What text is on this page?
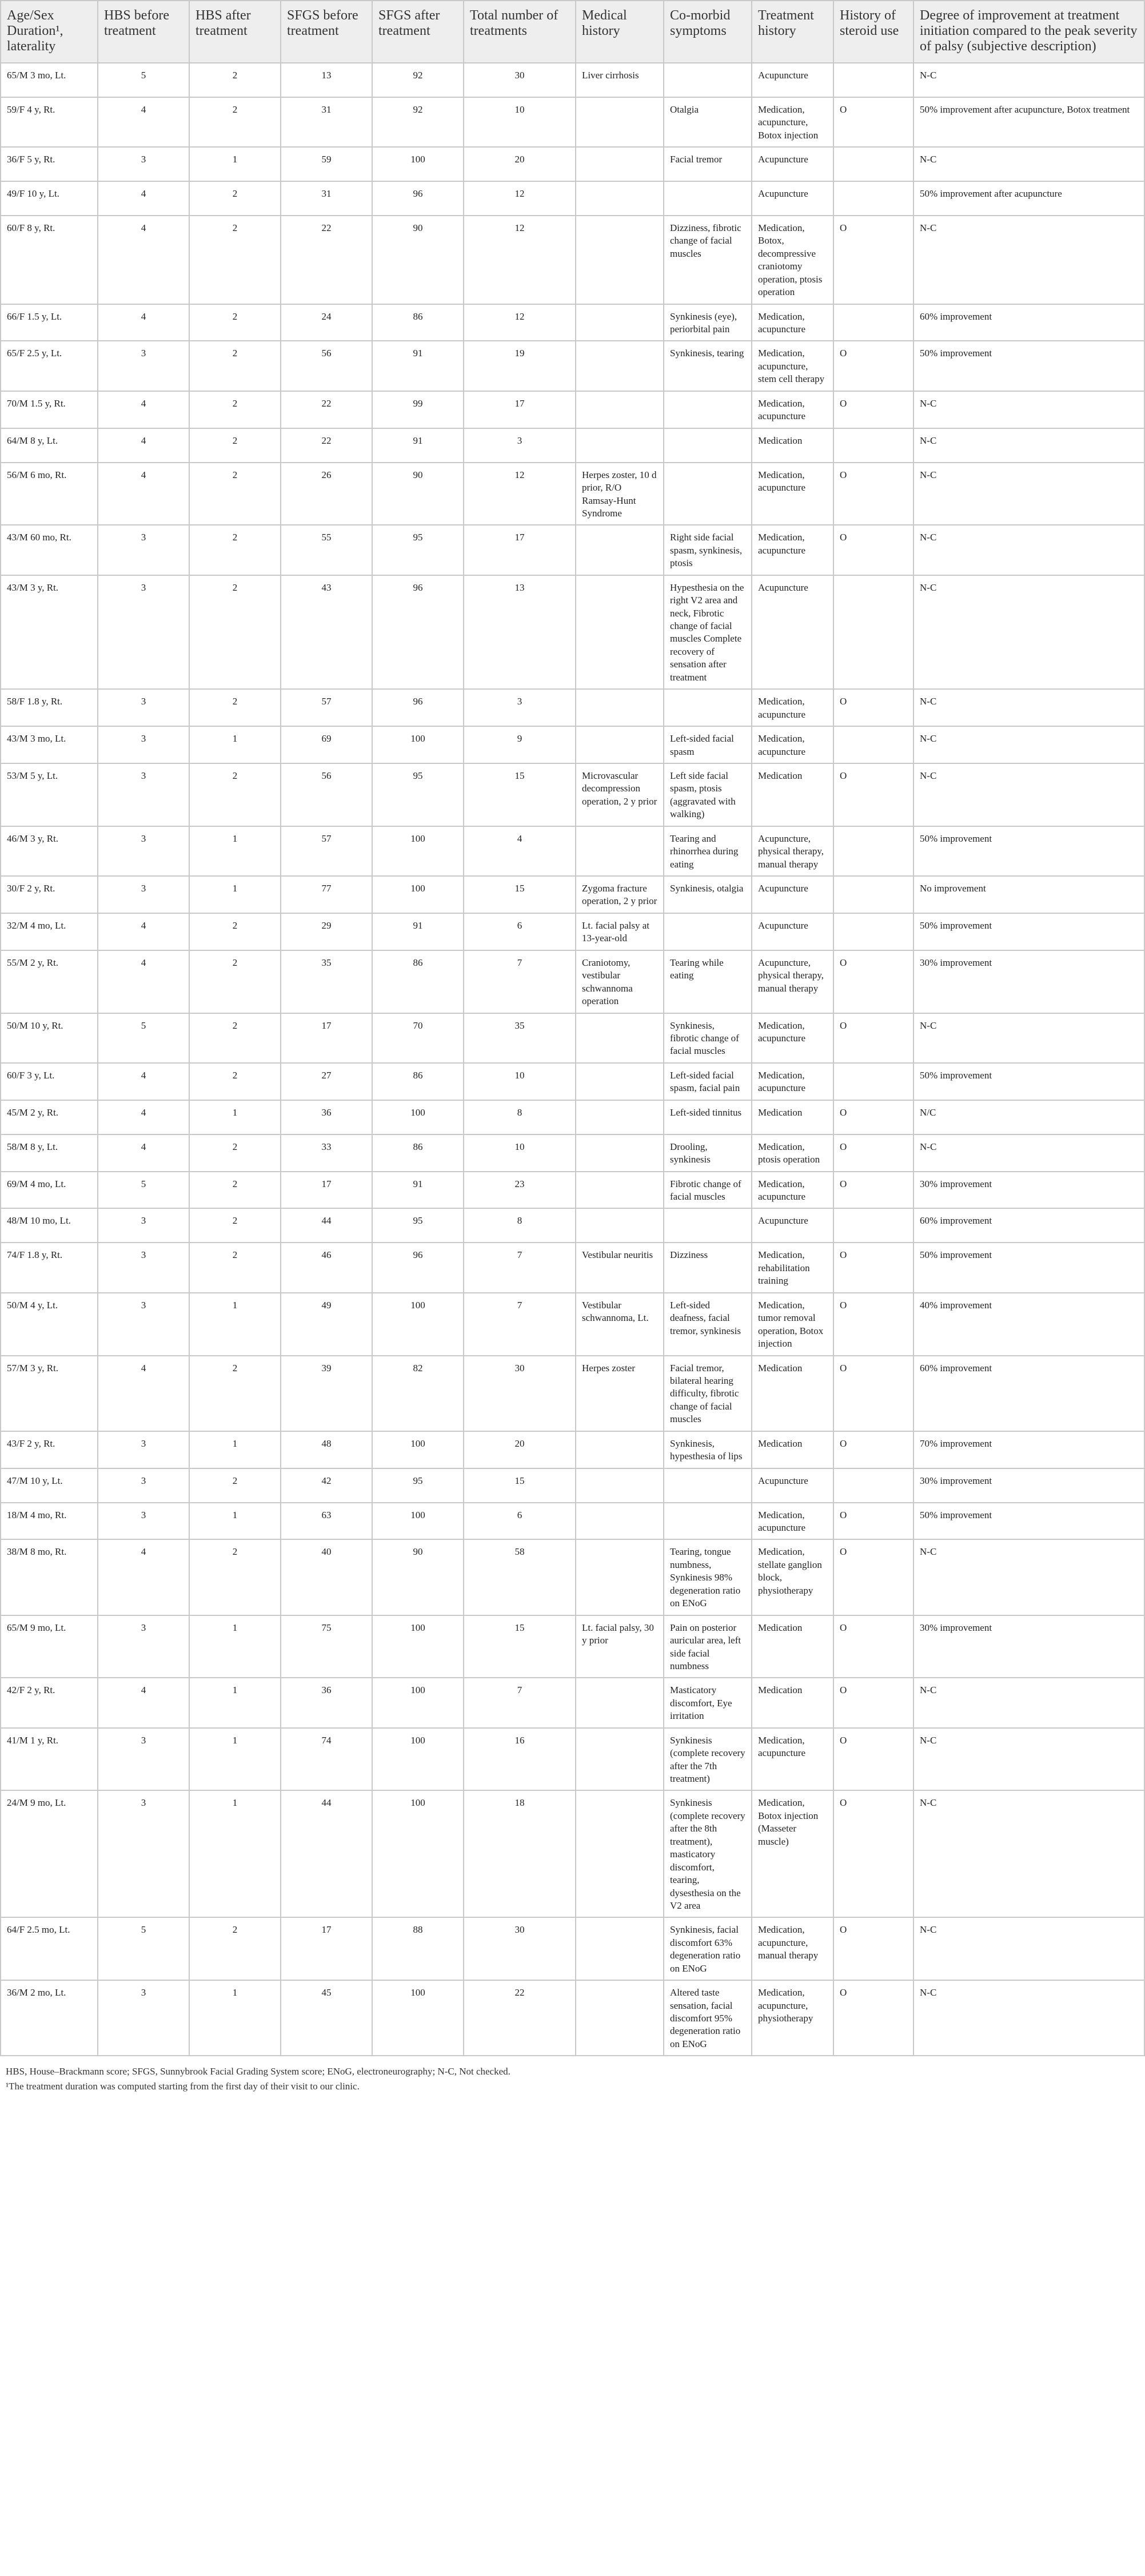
Age/Sex Duration¹, laterality	HBS before treatment	HBS after treatment	SFGS before treatment	SFGS after treatment	Total number of treatments	Medical history	Co-morbid symptoms	Treatment history	History of steroid use	Degree of improvement at treatment initiation compared to the peak severity of palsy (subjective description)
65/M 3 mo, Lt.	5	2	13	92	30	Liver cirrhosis		Acupuncture		N-C
59/F 4 y, Rt.	4	2	31	92	10		Otalgia	Medication, acupuncture, Botox injection	O	50% improvement after acupuncture, Botox treatment
36/F 5 y, Rt.	3	1	59	100	20		Facial tremor	Acupuncture		N-C
49/F 10 y, Lt.	4	2	31	96	12			Acupuncture		50% improvement after acupuncture
60/F 8 y, Rt.	4	2	22	90	12		Dizziness, fibrotic change of facial muscles	Medication, Botox, decompressive craniotomy operation, ptosis operation	O	N-C
66/F 1.5 y, Lt.	4	2	24	86	12		Synkinesis (eye), periorbital pain	Medication, acupuncture		60% improvement
65/F 2.5 y, Lt.	3	2	56	91	19		Synkinesis, tearing	Medication, acupuncture, stem cell therapy	O	50% improvement
70/M 1.5 y, Rt.	4	2	22	99	17			Medication, acupuncture	O	N-C
64/M 8 y, Lt.	4	2	22	91	3			Medication		N-C
56/M 6 mo, Rt.	4	2	26	90	12	Herpes zoster, 10 d prior, R/O Ramsay-Hunt Syndrome		Medication, acupuncture	O	N-C
43/M 60 mo, Rt.	3	2	55	95	17		Right side facial spasm, synkinesis, ptosis	Medication, acupuncture	O	N-C
43/M 3 y, Rt.	3	2	43	96	13		Hypesthesia on the right V2 area and neck, Fibrotic change of facial muscles Complete recovery of sensation after treatment	Acupuncture		N-C
58/F 1.8 y, Rt.	3	2	57	96	3			Medication, acupuncture	O	N-C
43/M 3 mo, Lt.	3	1	69	100	9		Left-sided facial spasm	Medication, acupuncture		N-C
53/M 5 y, Lt.	3	2	56	95	15	Microvascular decompression operation, 2 y prior	Left side facial spasm, ptosis (aggravated with walking)	Medication	O	N-C
46/M 3 y, Rt.	3	1	57	100	4		Tearing and rhinorrhea during eating	Acupuncture, physical therapy, manual therapy		50% improvement
30/F 2 y, Rt.	3	1	77	100	15	Zygoma fracture operation, 2 y prior	Synkinesis, otalgia	Acupuncture		No improvement
32/M 4 mo, Lt.	4	2	29	91	6	Lt. facial palsy at 13-year-old		Acupuncture		50% improvement
55/M 2 y, Rt.	4	2	35	86	7	Craniotomy, vestibular schwannoma operation	Tearing while eating	Acupuncture, physical therapy, manual therapy	O	30% improvement
50/M 10 y, Rt.	5	2	17	70	35		Synkinesis, fibrotic change of facial muscles	Medication, acupuncture	O	N-C
60/F 3 y, Lt.	4	2	27	86	10		Left-sided facial spasm, facial pain	Medication, acupuncture		50% improvement
45/M 2 y, Rt.	4	1	36	100	8		Left-sided tinnitus	Medication	O	N/C
58/M 8 y, Lt.	4	2	33	86	10		Drooling, synkinesis	Medication, ptosis operation	O	N-C
69/M 4 mo, Lt.	5	2	17	91	23		Fibrotic change of facial muscles	Medication, acupuncture	O	30% improvement
48/M 10 mo, Lt.	3	2	44	95	8			Acupuncture		60% improvement
74/F 1.8 y, Rt.	3	2	46	96	7	Vestibular neuritis	Dizziness	Medication, rehabilitation training	O	50% improvement
50/M 4 y, Lt.	3	1	49	100	7	Vestibular schwannoma, Lt.	Left-sided deafness, facial tremor, synkinesis	Medication, tumor removal operation, Botox injection	O	40% improvement
57/M 3 y, Rt.	4	2	39	82	30	Herpes zoster	Facial tremor, bilateral hearing difficulty, fibrotic change of facial muscles	Medication	O	60% improvement
43/F 2 y, Rt.	3	1	48	100	20		Synkinesis, hypesthesia of lips	Medication	O	70% improvement
47/M 10 y, Lt.	3	2	42	95	15			Acupuncture		30% improvement
18/M 4 mo, Rt.	3	1	63	100	6			Medication, acupuncture	O	50% improvement
38/M 8 mo, Rt.	4	2	40	90	58		Tearing, tongue numbness, Synkinesis 98% degeneration ratio on ENoG	Medication, stellate ganglion block, physiotherapy	O	N-C
65/M 9 mo, Lt.	3	1	75	100	15	Lt. facial palsy, 30 y prior	Pain on posterior auricular area, left side facial numbness	Medication	O	30% improvement
42/F 2 y, Rt.	4	1	36	100	7		Masticatory discomfort, Eye irritation	Medication	O	N-C
41/M 1 y, Rt.	3	1	74	100	16		Synkinesis (complete recovery after the 7th treatment)	Medication, acupuncture	O	N-C
24/M 9 mo, Lt.	3	1	44	100	18		Synkinesis (complete recovery after the 8th treatment), masticatory discomfort, tearing, dysesthesia on the V2 area	Medication, Botox injection (Masseter muscle)	O	N-C
64/F 2.5 mo, Lt.	5	2	17	88	30		Synkinesis, facial discomfort 63% degeneration ratio on ENoG	Medication, acupuncture, manual therapy	O	N-C
36/M 2 mo, Lt.	3	1	45	100	22		Altered taste sensation, facial discomfort 95% degeneration ratio on ENoG	Medication, acupuncture, physiotherapy	O	N-C
HBS, House–Brackmann score; SFGS, Sunnybrook Facial Grading System score; ENoG, electroneurography; N-C, Not checked.
¹The treatment duration was computed starting from the first day of their visit to our clinic.
